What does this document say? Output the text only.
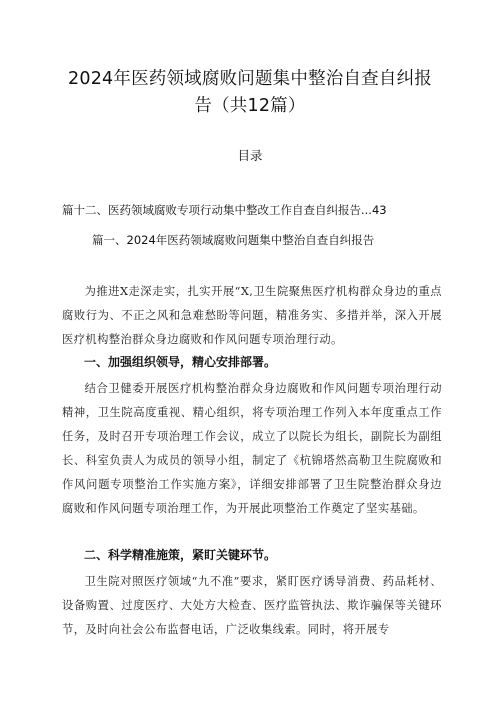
2024年医药领域腐败问题集中整治自查自纠报告（共12篇）
目录
篇十二、医药领域腐败专项行动集中整改工作自查自纠报告...43
篇一、2024年医药领域腐败问题集中整治自查自纠报告
为推进X走深走实，扎实开展“X,卫生院聚焦医疗机构群众身边的重点腐败行为、不正之风和急难愁盼等问题，精准务实、多措并举，深入开展医疗机构整治群众身边腐败和作风问题专项治理行动。
一、加强组织领导，精心安排部署。
结合卫健委开展医疗机构整治群众身边腐败和作风问题专项治理行动精神，卫生院高度重视、精心组织，将专项治理工作列入本年度重点工作任务，及时召开专项治理工作会议，成立了以院长为组长，副院长为副组长、科室负责人为成员的领导小组，制定了《杭锦塔然高勒卫生院腐败和作风问题专项整治工作实施方案》，详细安排部署了卫生院整治群众身边腐败和作风问题专项治理工作，为开展此项整治工作奠定了坚实基础。
二、科学精准施策，紧盯关键环节。
卫生院对照医疗领域“九不准”要求，紧盯医疗诱导消费、药品耗材、设备购置、过度医疗、大处方大检查、医疗监管执法、欺诈骗保等关键环节，及时向社会公布监督电话，广泛收集线索。同时，将开展专
